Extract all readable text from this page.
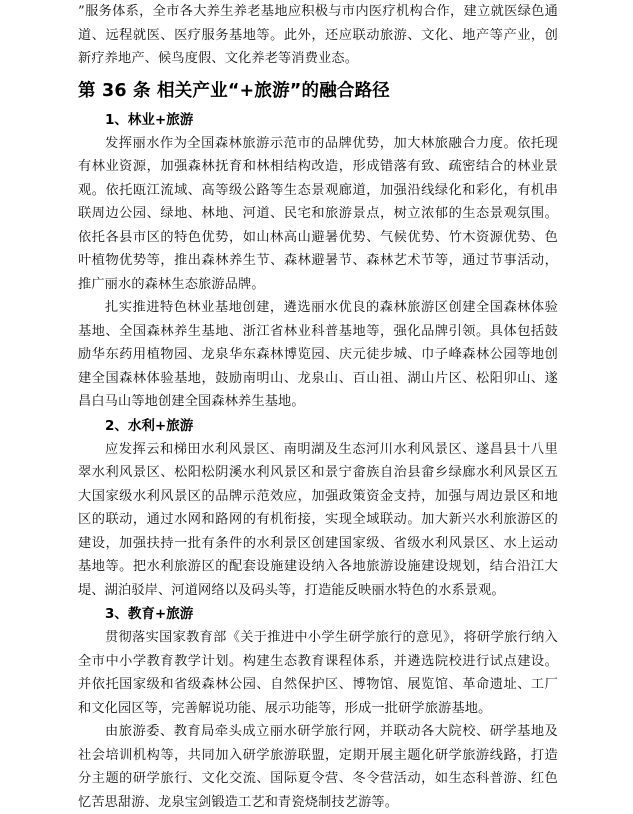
”服务体系，全市各大养生养老基地应积极与市内医疗机构合作，建立就医绿色通道、远程就医、医疗服务基地等。此外，还应联动旅游、文化、地产等产业，创新疗养地产、候鸟度假、文化养老等消费业态。

第 36 条 相关产业“+旅游”的融合路径
1、林业+旅游

发挥丽水作为全国森林旅游示范市的品牌优势，加大林旅融合力度。依托现有林业资源，加强森林抚育和林相结构改造，形成错落有致、疏密结合的林业景观。依托瓯江流域、高等级公路等生态景观廊道，加强沿线绿化和彩化，有机串联周边公园、绿地、林地、河道、民宅和旅游景点，树立浓郁的生态景观氛围。依托各县市区的特色优势，如山林高山避暑优势、气候优势、竹木资源优势、色叶植物优势等，推出森林养生节、森林避暑节、森林艺术节等，通过节事活动，推广丽水的森林生态旅游品牌。

扎实推进特色林业基地创建，遴选丽水优良的森林旅游区创建全国森林体验基地、全国森林养生基地、浙江省林业科普基地等，强化品牌引领。具体包括鼓励华东药用植物园、龙泉华东森林博览园、庆元徒步城、巾子峰森林公园等地创建全国森林体验基地，鼓励南明山、龙泉山、百山祖、湖山片区、松阳卯山、遂昌白马山等地创建全国森林养生基地。

2、水利+旅游

应发挥云和梯田水利风景区、南明湖及生态河川水利风景区、遂昌县十八里翠水利风景区、松阳松阴溪水利风景区和景宁畲族自治县畲乡绿廊水利风景区五大国家级水利风景区的品牌示范效应，加强政策资金支持，加强与周边景区和地区的联动，通过水网和路网的有机衔接，实现全域联动。加大新兴水利旅游区的建设，加强扶持一批有条件的水利景区创建国家级、省级水利风景区、水上运动基地等。把水利旅游区的配套设施建设纳入各地旅游设施建设规划，结合沿江大堤、湖泊驳岸、河道网络以及码头等，打造能反映丽水特色的水系景观。

3、教育+旅游

贯彻落实国家教育部《关于推进中小学生研学旅行的意见》，将研学旅行纳入全市中小学教育教学计划。构建生态教育课程体系，并遴选院校进行试点建设。并依托国家级和省级森林公园、自然保护区、博物馆、展览馆、革命遗址、工厂和文化园区等，完善解说功能、展示功能等，形成一批研学旅游基地。

由旅游委、教育局牵头成立丽水研学旅行网，并联动各大院校、研学基地及社会培训机构等，共同加入研学旅游联盟，定期开展主题化研学旅游线路，打造分主题的研学旅行、文化交流、国际夏令营、冬令营活动，如生态科普游、红色忆苦思甜游、龙泉宝剑锻造工艺和青瓷烧制技艺游等。
